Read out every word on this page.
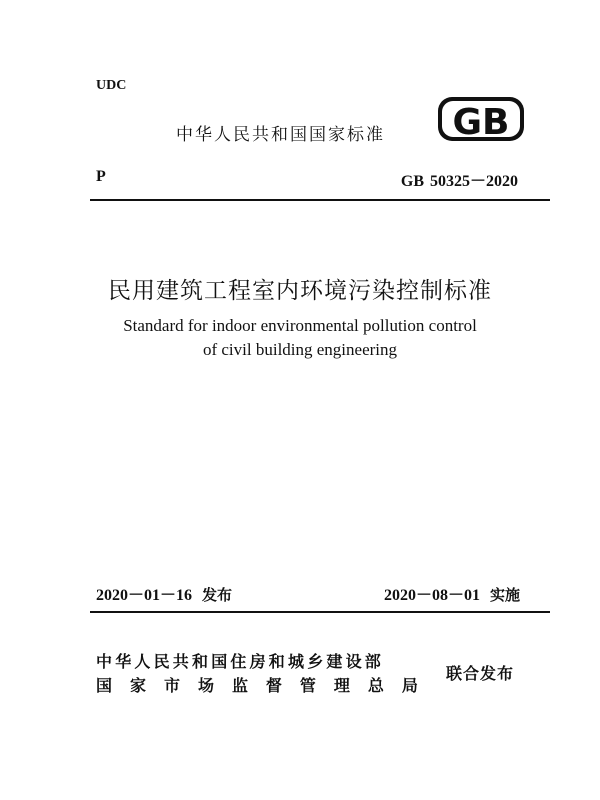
UDC
中华人民共和国国家标准 GB
P	GB 50325－2020
民用建筑工程室内环境污染控制标准
Standard for indoor environmental pollution control
of civil building engineering
2020－01－16 发布	2020－08－01 实施
中华人民共和国住房和城乡建设部
国 家 市 场 监 督 管 理 总 局
联合发布
